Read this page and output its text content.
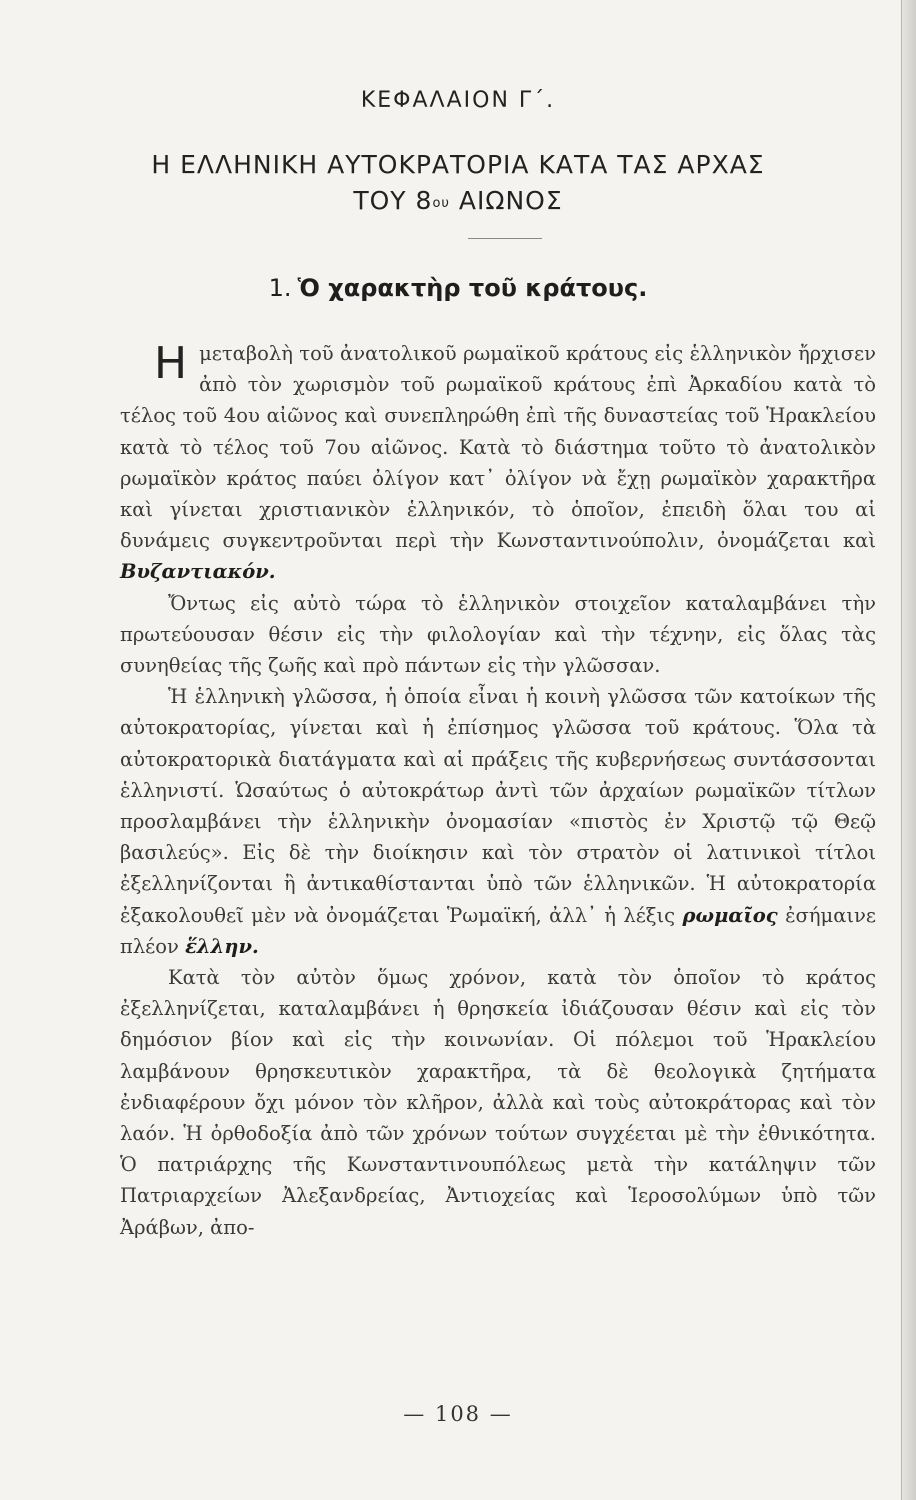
ΚΕΦΑΛΑΙΟΝ Γ΄.
Η ΕΛΛΗΝΙΚΗ ΑΥΤΟΚΡΑΤΟΡΙΑ ΚΑΤΑ ΤΑΣ ΑΡΧΑΣ
ΤΟΥ $8^{o\upsilon}$ ΑΙΩΝΟΣ
1. Ὁ χαρακτὴρ τοῦ κράτους.

Ημεταβολὴ τοῦ ἀνατολικοῦ ρωμαϊκοῦ κράτους εἰς ἑλληνικὸν ἤρχισεν ἀπὸ τὸν χωρισμὸν τοῦ ρωμαϊκοῦ κράτους ἐπὶ Ἀρκαδίου κατὰ τὸ τέλος τοῦ 4ου αἰῶνος καὶ συνεπληρώθη ἐπὶ τῆς δυναστείας τοῦ Ἡρακλείου κατὰ τὸ τέλος τοῦ 7ου αἰῶνος. Κατὰ τὸ διάστημα τοῦτο τὸ ἀνατολικὸν ρωμαϊκὸν κράτος παύει ὀλίγον κατ᾽ ὀλίγον νὰ ἔχῃ ρωμαϊκὸν χαρακτῆρα καὶ γίνεται χριστιανικὸν ἑλληνικόν, τὸ ὁποῖον, ἐπειδὴ ὅλαι του αἱ δυνάμεις συγκεντροῦνται περὶ τὴν Κωνσταντινούπολιν, ὀνομάζεται καὶ Βυζαντιακόν.

Ὄντως εἰς αὐτὸ τώρα τὸ ἑλληνικὸν στοιχεῖον καταλαμβάνει τὴν πρωτεύουσαν θέσιν εἰς τὴν φιλολογίαν καὶ τὴν τέχνην, εἰς ὅλας τὰς συνηθείας τῆς ζωῆς καὶ πρὸ πάντων εἰς τὴν γλῶσσαν.

Ἡ ἑλληνικὴ γλῶσσα, ἡ ὁποία εἶναι ἡ κοινὴ γλῶσσα τῶν κατοίκων τῆς αὐτοκρατορίας, γίνεται καὶ ἡ ἐπίσημος γλῶσσα τοῦ κράτους. Ὅλα τὰ αὐτοκρατορικὰ διατάγματα καὶ αἱ πράξεις τῆς κυβερνήσεως συντάσσονται ἑλληνιστί. Ὡσαύτως ὁ αὐτοκράτωρ ἀντὶ τῶν ἀρχαίων ρωμαϊκῶν τίτλων προσλαμβάνει τὴν ἑλληνικὴν ὀνομασίαν «πιστὸς ἐν Χριστῷ τῷ Θεῷ βασιλεύς». Εἰς δὲ τὴν διοίκησιν καὶ τὸν στρατὸν οἱ λατινικοὶ τίτλοι ἐξελληνίζονται ἢ ἀντικαθίστανται ὑπὸ τῶν ἑλληνικῶν. Ἡ αὐτοκρατορία ἐξακολουθεῖ μὲν νὰ ὀνομάζεται Ῥωμαϊκή, ἀλλ᾽ ἡ λέξις ρωμαῖος ἐσήμαινε πλέον ἕλλην.

Κατὰ τὸν αὐτὸν ὅμως χρόνον, κατὰ τὸν ὁποῖον τὸ κράτος ἐξελληνίζεται, καταλαμβάνει ἡ θρησκεία ἰδιάζουσαν θέσιν καὶ εἰς τὸν δημόσιον βίον καὶ εἰς τὴν κοινωνίαν. Οἱ πόλεμοι τοῦ Ἡρακλείου λαμβάνουν θρησκευτικὸν χαρακτῆρα, τὰ δὲ θεολογικὰ ζητήματα ἐνδιαφέρουν ὄχι μόνον τὸν κλῆρον, ἀλλὰ καὶ τοὺς αὐτοκράτορας καὶ τὸν λαόν. Ἡ ὀρθοδοξία ἀπὸ τῶν χρόνων τούτων συγχέεται μὲ τὴν ἐθνικότητα. Ὁ πατριάρχης τῆς Κωνσταντινουπόλεως μετὰ τὴν κατάληψιν τῶν Πατριαρχείων Ἀλεξανδρείας, Ἀντιοχείας καὶ Ἱεροσολύμων ὑπὸ τῶν Ἀράβων, ἀπο-

— 108 —
